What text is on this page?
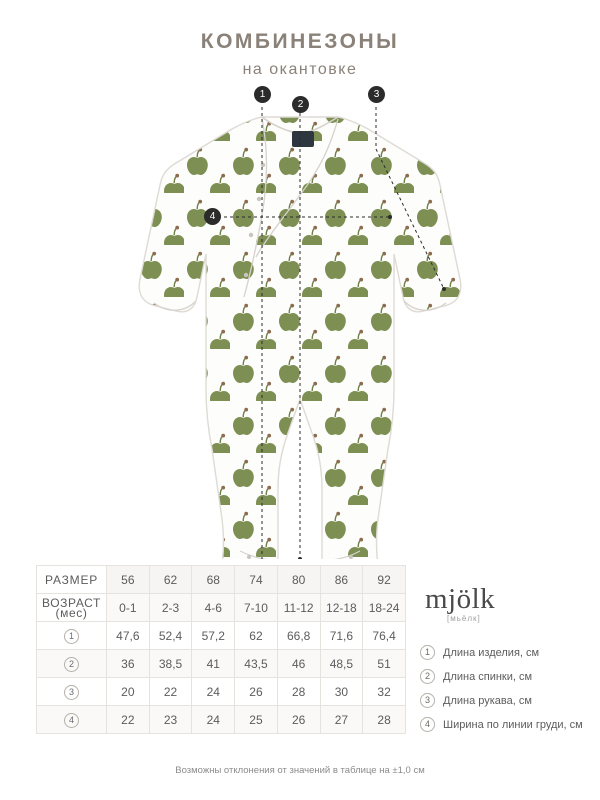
КОМБИНЕЗОНЫ
на окантовке
1
2
3
4
РАЗМЕР	56	62	68	74	80	86	92

ВОЗРАСТ
(мес)	0-1	2-3	4-6	7-10	11-12	12-18	18-24
1	47,6	52,4	57,2	62	66,8	71,6	76,4
2	36	38,5	41	43,5	46	48,5	51
3	20	22	24	26	28	30	32
4	22	23	24	25	26	27	28
mjölk
[мьёлк]
1	Длина изделия, см
2	Длина спинки, см
3	Длина рукава, см
4	Ширина по линии груди, см
Возможны отклонения от значений в таблице на ±1,0 см
